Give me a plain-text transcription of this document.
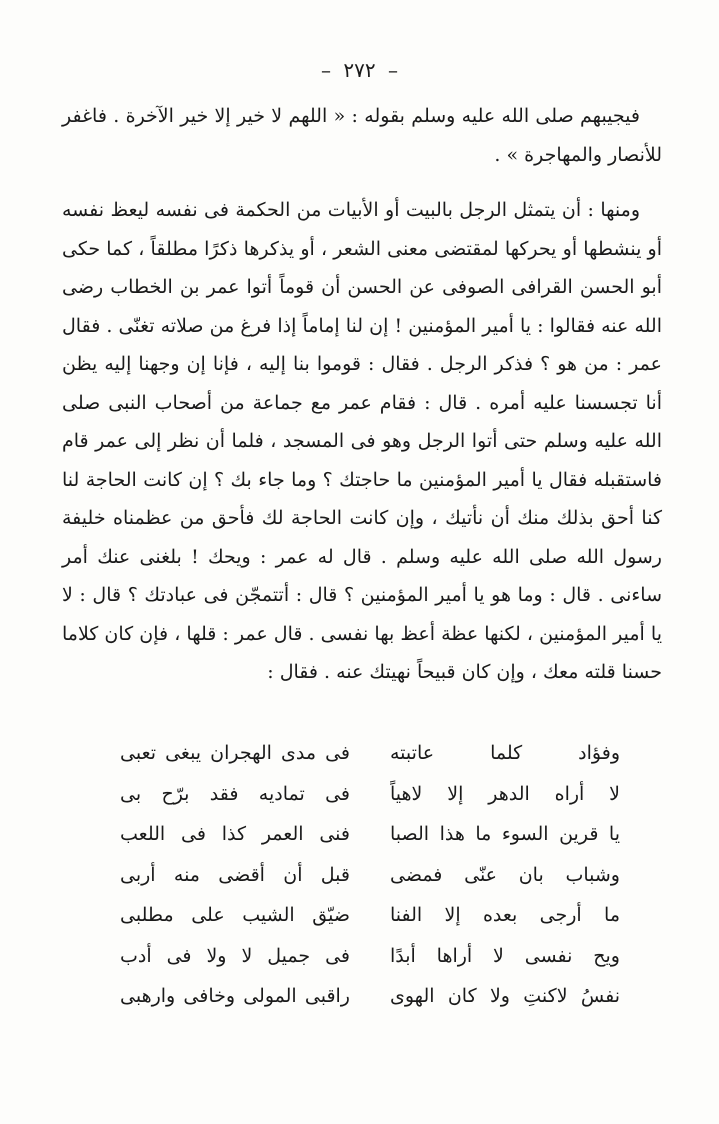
– ٢٧٢ –

فيجيبهم صلى الله عليه وسلم بقوله : « اللهم لا خير إلا خير الآخرة . فاغفر للأنصار والمهاجرة » .

ومنها : أن يتمثل الرجل بالبيت أو الأبيات من الحكمة فى نفسه ليعظ نفسه أو ينشطها أو يحركها لمقتضى معنى الشعر ، أو يذكرها ذكرًا مطلقاً ، كما حكى أبو الحسن القرافى الصوفى عن الحسن أن قوماً أتوا عمر بن الخطاب رضى الله عنه فقالوا : يا أمير المؤمنين ! إن لنا إماماً إذا فرغ من صلاته تغنّى . فقال عمر : من هو ؟ فذكر الرجل . فقال : قوموا بنا إليه ، فإنا إن وجهنا إليه يظن أنا تجسسنا عليه أمره . قال : فقام عمر مع جماعة من أصحاب النبى صلى الله عليه وسلم حتى أتوا الرجل وهو فى المسجد ، فلما أن نظر إلى عمر قام فاستقبله فقال يا أمير المؤمنين ما حاجتك ؟ وما جاء بك ؟ إن كانت الحاجة لنا كنا أحق بذلك منك أن نأتيك ، وإن كانت الحاجة لك فأحق من عظمناه خليفة رسول الله صلى الله عليه وسلم . قال له عمر : ويحك ! بلغنى عنك أمر ساءنى . قال : وما هو يا أمير المؤمنين ؟ قال : أتتمجّن فى عبادتك ؟ قال : لا يا أمير المؤمنين ، لكنها عظة أعظ بها نفسى . قال عمر : قلها ، فإن كان كلاما حسنا قلته معك ، وإن كان قبيحاً نهيتك عنه . فقال :

وفؤاد كلما عاتبته
فى مدى الهجران يبغى تعبى
لا أراه الدهر إلا لاهياً
فى تماديه فقد برّح بى
يا قرين السوء ما هذا الصبا
فنى العمر كذا فى اللعب
وشباب بان عنّى فمضى
قبل أن أقضى منه أربى
ما أرجى بعده إلا الفنا
ضيّق الشيب على مطلبى
ويح نفسى لا أراها أبدًا
فى جميل لا ولا فى أدب
نفسُ لاكنتِ ولا كان الهوى
راقبى المولى وخافى وارهبى
